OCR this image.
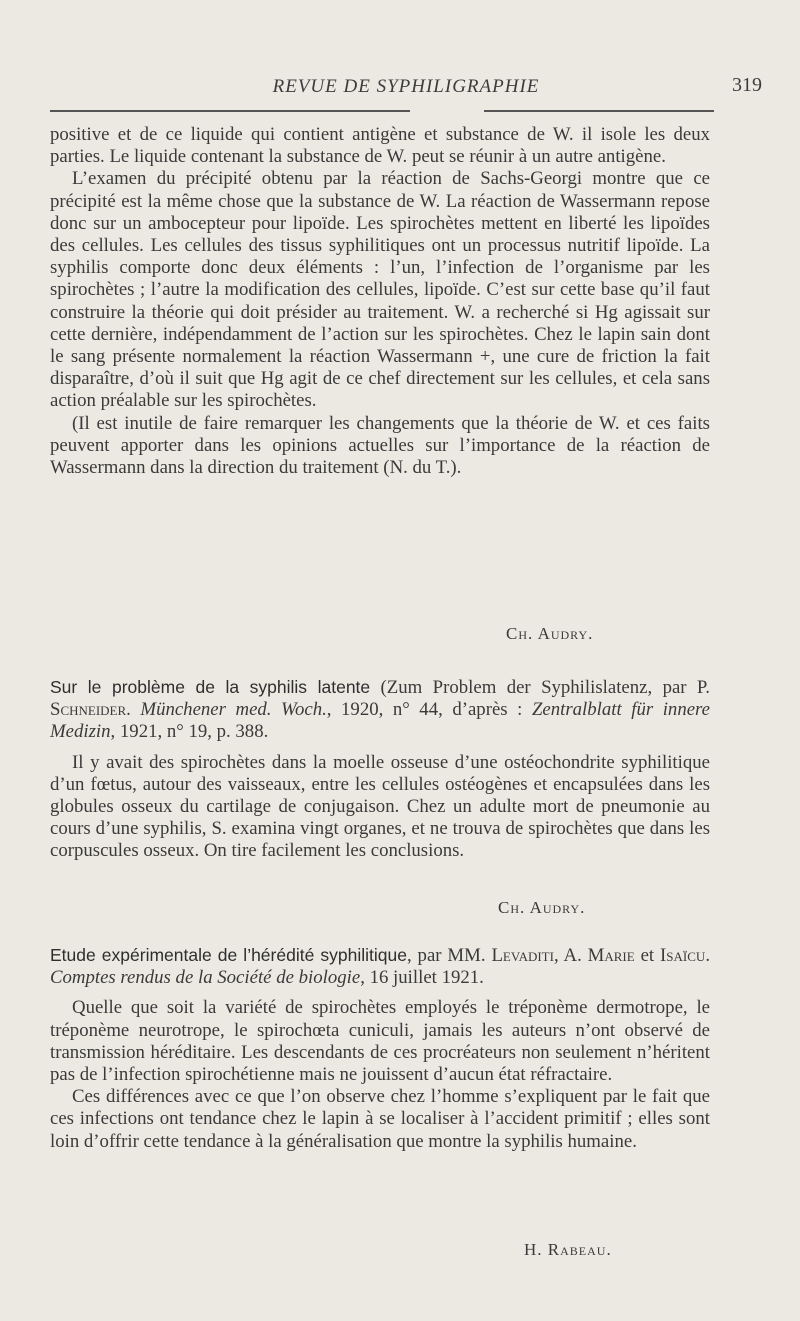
REVUE DE SYPHILIGRAPHIE	319

positive et de ce liquide qui contient antigène et substance de W. il isole les deux parties. Le liquide contenant la substance de W. peut se réunir à un autre antigène.

L’examen du précipité obtenu par la réaction de Sachs-Georgi montre que ce précipité est la même chose que la substance de W. La réaction de Wassermann repose donc sur un ambocepteur pour lipoïde. Les spirochètes mettent en liberté les lipoïdes des cellules. Les cellules des tissus syphilitiques ont un processus nutritif lipoïde. La syphilis comporte donc deux éléments : l’un, l’infection de l’organisme par les spirochètes ; l’autre la modification des cellules, lipoïde. C’est sur cette base qu’il faut construire la théorie qui doit présider au traitement. W. a recherché si Hg agissait sur cette dernière, indépendamment de l’action sur les spirochètes. Chez le lapin sain dont le sang présente normalement la réaction Wassermann +, une cure de friction la fait disparaître, d’où il suit que Hg agit de ce chef directement sur les cellules, et cela sans action préalable sur les spirochètes.

(Il est inutile de faire remarquer les changements que la théorie de W. et ces faits peuvent apporter dans les opinions actuelles sur l’importance de la réaction de Wassermann dans la direction du traitement (N. du T.).

Ch. Audry.

Sur le problème de la syphilis latente (Zum Problem der Syphilislatenz, par P. Schneider. Münchener med. Woch., 1920, n° 44, d’après : Zentralblatt für innere Medizin, 1921, n° 19, p. 388.

Il y avait des spirochètes dans la moelle osseuse d’une ostéochondrite syphilitique d’un fœtus, autour des vaisseaux, entre les cellules ostéogènes et encapsulées dans les globules osseux du cartilage de conjugaison. Chez un adulte mort de pneumonie au cours d’une syphilis, S. examina vingt organes, et ne trouva de spirochètes que dans les corpuscules osseux. On tire facilement les conclusions.

Ch. Audry.

Etude expérimentale de l’hérédité syphilitique, par MM. Levaditi, A. Marie et Isaïcu. Comptes rendus de la Société de biologie, 16 juillet 1921.

Quelle que soit la variété de spirochètes employés le tréponème dermotrope, le tréponème neurotrope, le spirochœta cuniculi, jamais les auteurs n’ont observé de transmission héréditaire. Les descendants de ces procréateurs non seulement n’héritent pas de l’infection spirochétienne mais ne jouissent d’aucun état réfractaire.

Ces différences avec ce que l’on observe chez l’homme s’expliquent par le fait que ces infections ont tendance chez le lapin à se localiser à l’accident primitif ; elles sont loin d’offrir cette tendance à la généralisation que montre la syphilis humaine.

H. Rabeau.
